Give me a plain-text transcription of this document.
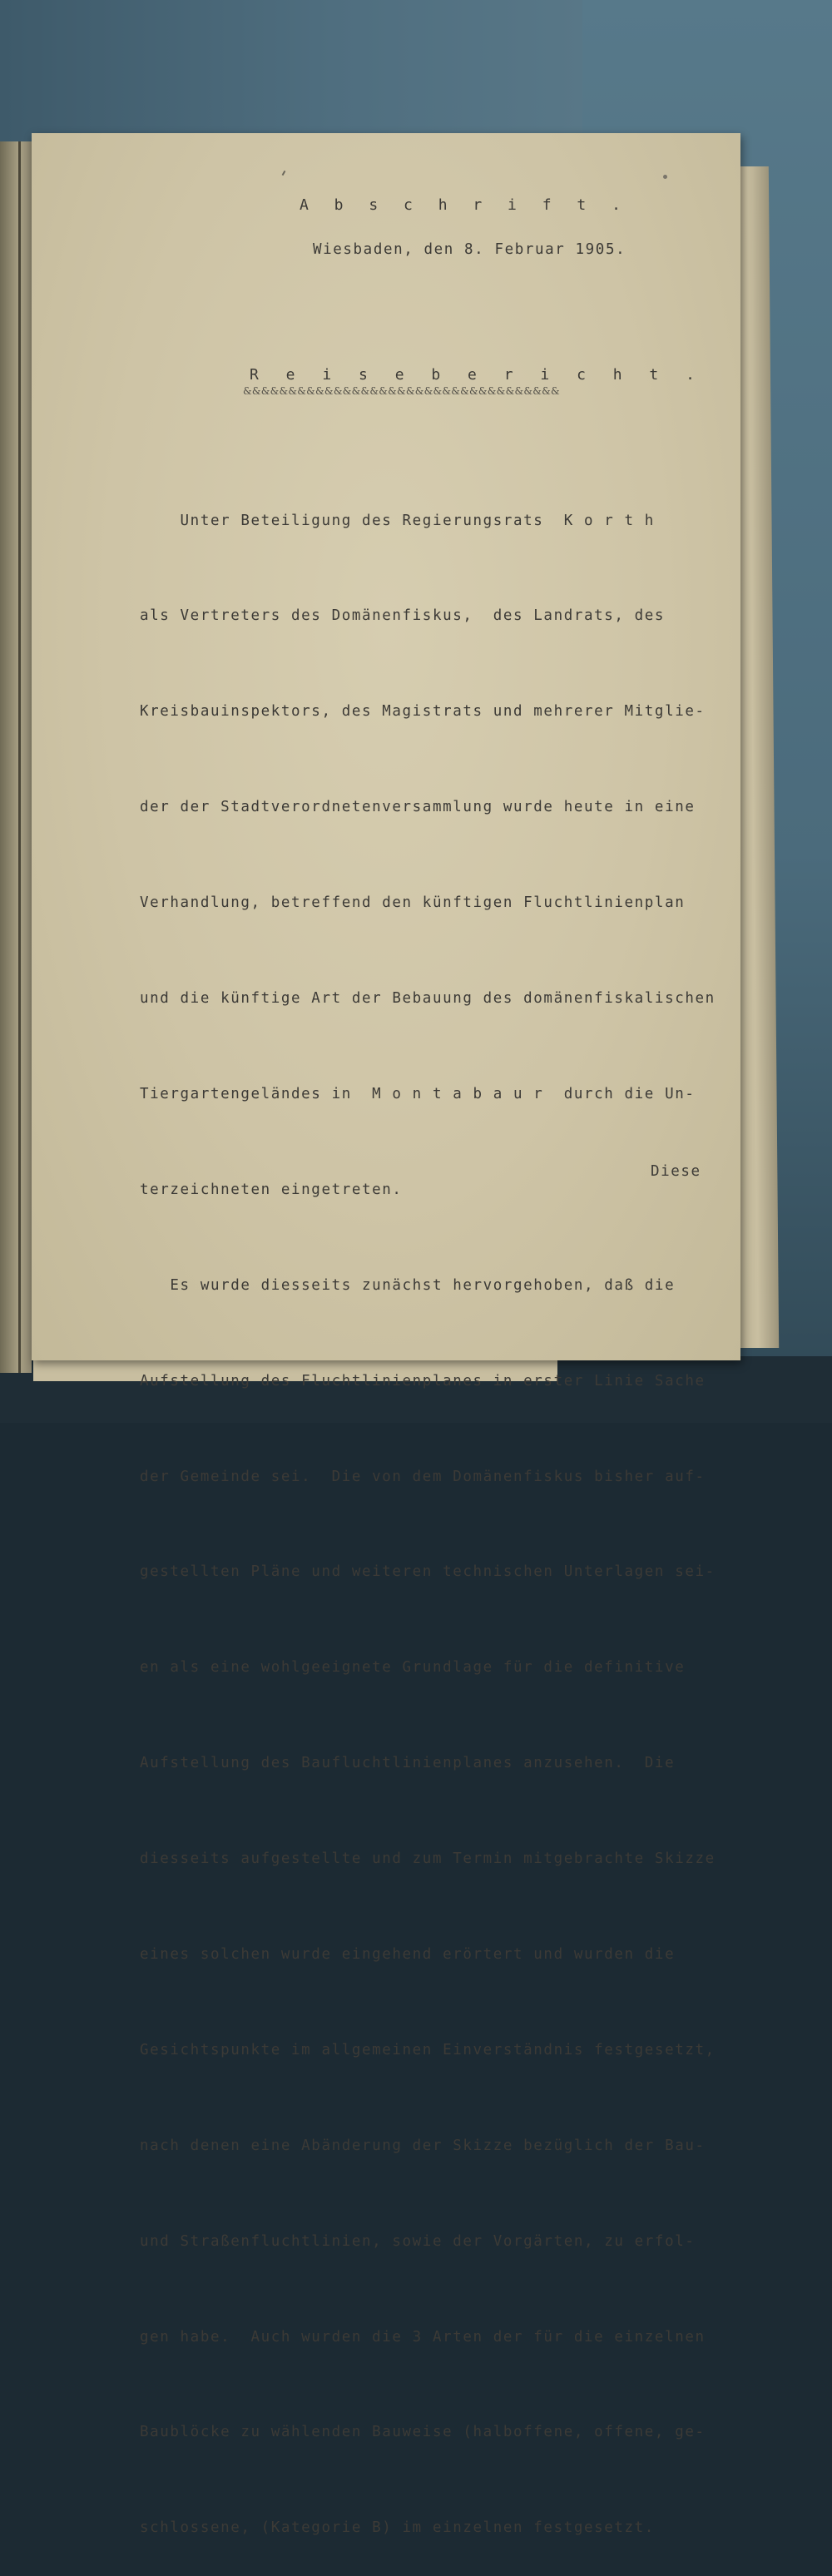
A b s c h r i f t .
Wiesbaden, den 8. Februar 1905.
R e i s e b e r i c h t .
&&&&&&&&&&&&&&&&&&&&&&&&&&&&&&&&&&&

Unter Beteiligung des Regierungsrats  K o r t h

als Vertreters des Domänenfiskus,  des Landrats, des

Kreisbauinspektors, des Magistrats und mehrerer Mitglie-

der der Stadtverordnetenversammlung wurde heute in eine

Verhandlung, betreffend den künftigen Fluchtlinienplan

und die künftige Art der Bebauung des domänenfiskalischen

Tiergartengeländes in  M o n t a b a u r  durch die Un-

terzeichneten eingetreten.

Es wurde diesseits zunächst hervorgehoben, daß die

Aufstellung des Fluchtlinienplanes in erster Linie Sache

der Gemeinde sei.  Die von dem Domänenfiskus bisher auf-

gestellten Pläne und weiteren technischen Unterlagen sei-

en als eine wohlgeeignete Grundlage für die definitive

Aufstellung des Baufluchtlinienplanes anzusehen.  Die

diesseits aufgestellte und zum Termin mitgebrachte Skizze

eines solchen wurde eingehend erörtert und wurden die

Gesichtspunkte im allgemeinen Einverständnis festgesetzt,

nach denen eine Abänderung der Skizze bezüglich der Bau-

und Straßenfluchtlinien, sowie der Vorgärten, zu erfol-

gen habe.  Auch wurden die 3 Arten der für die einzelnen

Baublöcke zu wählenden Bauweise (halboffene, offene, ge-

schlossene, (Kategorie B) im einzelnen festgesetzt.

Diese
